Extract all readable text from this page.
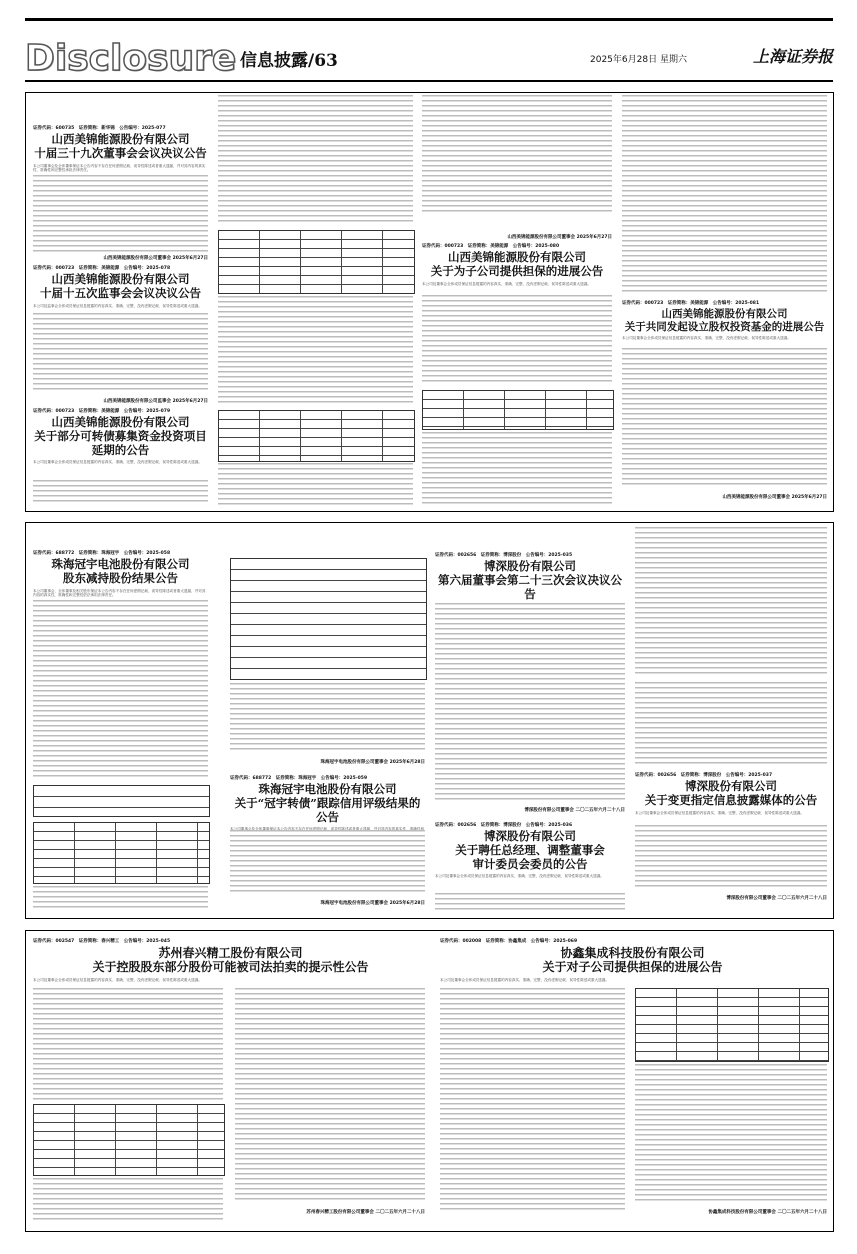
Disclosure 信息披露/63	2025年6月28日 星期六	上海证券报
证券代码：600735　证券简称：新华锦　公告编号：2025-077
山西美锦能源股份有限公司
十届三十九次董事会会议决议公告
本公司董事会及全体董事保证本公告内容不存在任何虚假记载、误导性陈述或者重大遗漏，并对其内容的真实性、准确性和完整性承担法律责任。
山西美锦能源股份有限公司董事会 2025年6月27日
证券代码：000723　证券简称：美锦能源　公告编号：2025-078
山西美锦能源股份有限公司
十届十五次监事会会议决议公告
本公司及监事会全体成员保证信息披露的内容真实、准确、完整，没有虚假记载、误导性陈述或重大遗漏。
山西美锦能源股份有限公司监事会 2025年6月27日
证券代码：000723　证券简称：美锦能源　公告编号：2025-079
山西美锦能源股份有限公司
关于部分可转债募集资金投资项目
延期的公告
本公司及董事会全体成员保证信息披露的内容真实、准确、完整，没有虚假记载、误导性陈述或重大遗漏。
山西美锦能源股份有限公司董事会 2025年6月27日
证券代码：000723　证券简称：美锦能源　公告编号：2025-080
山西美锦能源股份有限公司
关于为子公司提供担保的进展公告
本公司及董事会全体成员保证信息披露的内容真实、准确、完整，没有虚假记载、误导性陈述或重大遗漏。
证券代码：000723　证券简称：美锦能源　公告编号：2025-081
山西美锦能源股份有限公司
关于共同发起设立股权投资基金的进展公告
本公司及董事会全体成员保证信息披露的内容真实、准确、完整，没有虚假记载、误导性陈述或重大遗漏。
山西美锦能源股份有限公司董事会 2025年6月27日
证券代码：688772　证券简称：珠海冠宇　公告编号：2025-058
珠海冠宇电池股份有限公司
股东减持股份结果公告
本公司董事会、全体董事及相关股东保证本公告内容不存在任何虚假记载、误导性陈述或者重大遗漏，并对其内容的真实性、准确性和完整性依法承担法律责任。
珠海冠宇电池股份有限公司董事会 2025年6月28日
证券代码：688772　证券简称：珠海冠宇　公告编号：2025-059
珠海冠宇电池股份有限公司
关于“冠宇转债”跟踪信用评级结果的公告
珠海冠宇电池股份有限公司董事会 2025年6月28日
证券代码：002656　证券简称：博深股份　公告编号：2025-035
博深股份有限公司
第六届董事会第二十三次会议决议公告
博深股份有限公司董事会 二〇二五年六月二十八日
证券代码：002656　证券简称：博深股份　公告编号：2025-036
博深股份有限公司
关于聘任总经理、调整董事会
审计委员会委员的公告
本公司及董事会全体成员保证信息披露的内容真实、准确、完整，没有虚假记载、误导性陈述或重大遗漏。
证券代码：002656　证券简称：博深股份　公告编号：2025-037
博深股份有限公司
关于变更指定信息披露媒体的公告
本公司及董事会全体成员保证信息披露的内容真实、准确、完整，没有虚假记载、误导性陈述或重大遗漏。
博深股份有限公司董事会 二〇二五年六月二十八日
证券代码：002547　证券简称：春兴精工　公告编号：2025-045
苏州春兴精工股份有限公司
关于控股股东部分股份可能被司法拍卖的提示性公告
本公司及董事会全体成员保证信息披露的内容真实、准确、完整，没有虚假记载、误导性陈述或重大遗漏。
苏州春兴精工股份有限公司董事会 二〇二五年六月二十八日
证券代码：002008　证券简称：协鑫集成　公告编号：2025-069
协鑫集成科技股份有限公司
关于对子公司提供担保的进展公告
本公司及董事会全体成员保证信息披露的内容真实、准确、完整，没有虚假记载、误导性陈述或重大遗漏。
协鑫集成科技股份有限公司董事会 二〇二五年六月二十八日
